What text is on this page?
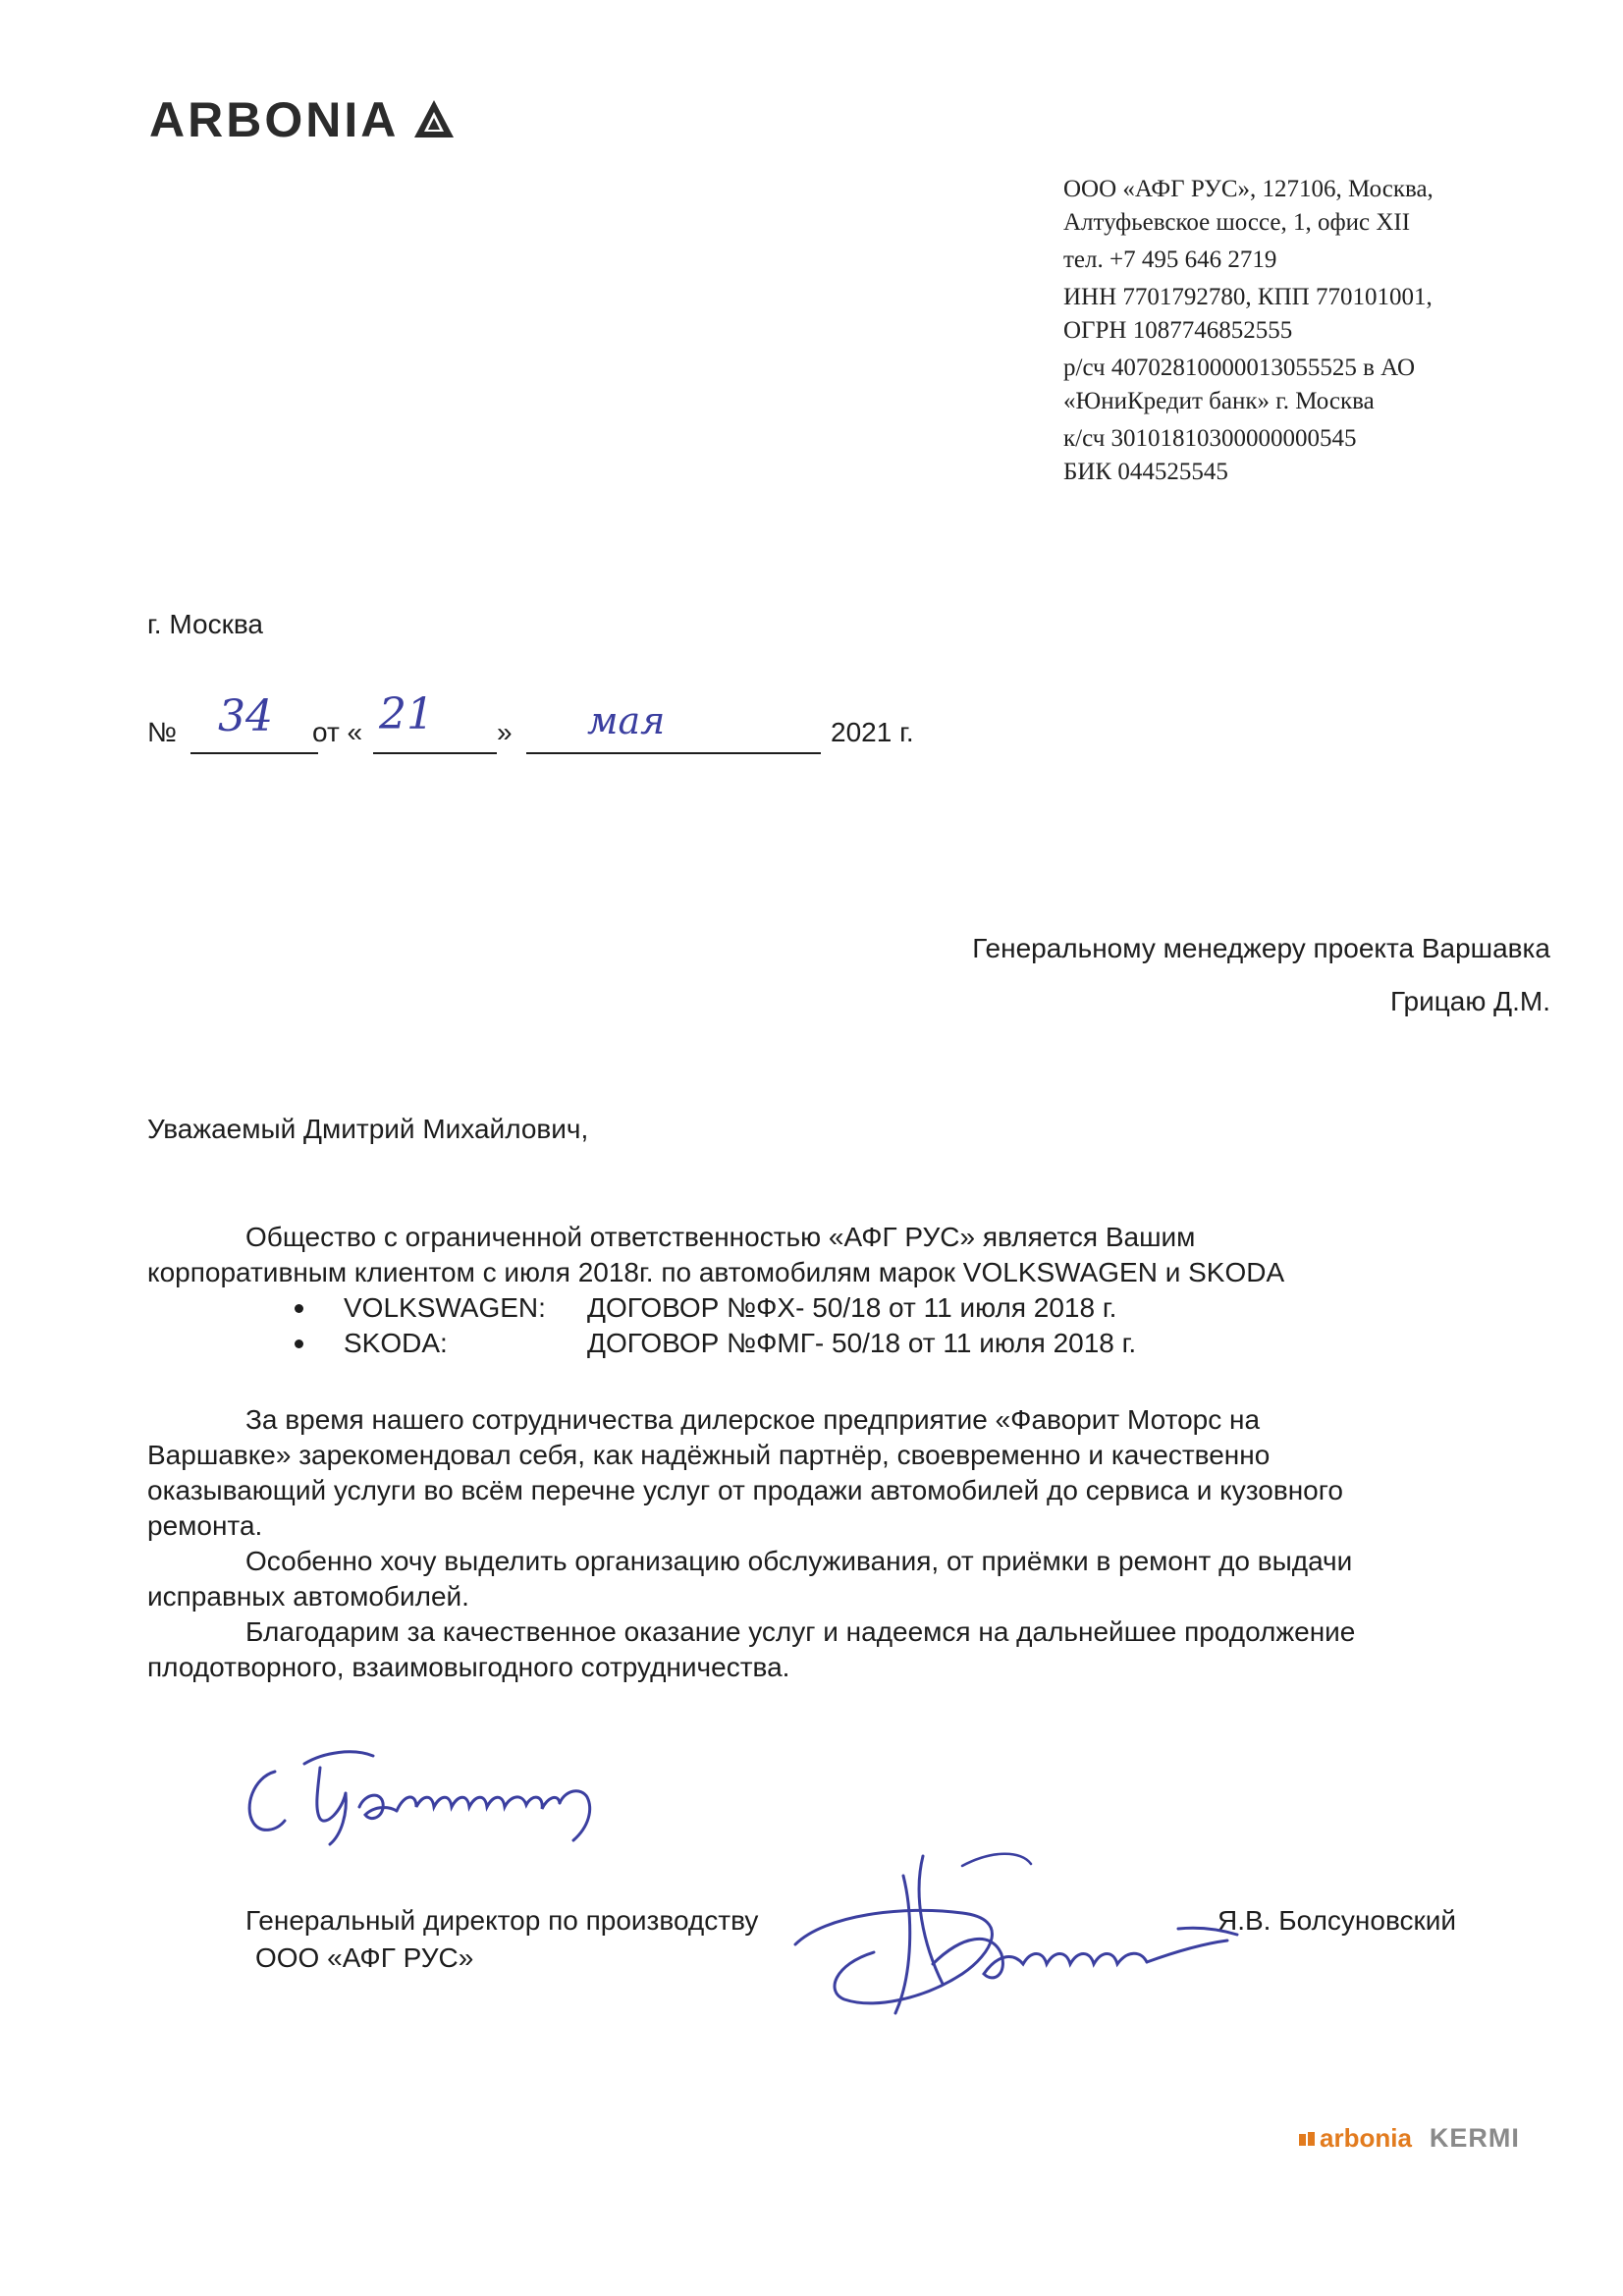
ARBONIA
ООО «АФГ РУС», 127106, Москва,
Алтуфьевское шоссе, 1, офис XII
тел. +7 495 646 2719
ИНН 7701792780, КПП 770101001,
ОГРН 1087746852555
р/сч 40702810000013055525 в АО
«ЮниКредит банк» г. Москва
к/сч 30101810300000000545
БИК 044525545
г. Москва
№ 34 от « 21 » мая	2021 г.
Генеральному менеджеру проекта Варшавка
Грицаю Д.М.
Уважаемый Дмитрий Михайлович,
Общество с ограниченной ответственностью «АФГ РУС» является Вашим
корпоративным клиентом с июля 2018г. по автомобилям марок VOLKSWAGEN и SKODA
VOLKSWAGEN: ДОГОВОР №ФХ- 50/18 от 11 июля 2018 г.
SKODA:	ДОГОВОР №ФМГ- 50/18 от 11 июля 2018 г.
За время нашего сотрудничества дилерское предприятие «Фаворит Моторс на
Варшавке» зарекомендовал себя, как надёжный партнёр, своевременно и качественно
оказывающий услуги во всём перечне услуг от продажи автомобилей до сервиса и кузовного
ремонта.
Особенно хочу выделить организацию обслуживания, от приёмки в ремонт до выдачи
исправных автомобилей.
Благодарим за качественное оказание услуг и надеемся на дальнейшее продолжение
плодотворного, взаимовыгодного сотрудничества.
Генеральный директор по производству
ООО «АФГ РУС»
Я.В. Болсуновский
arbonia KERMI
